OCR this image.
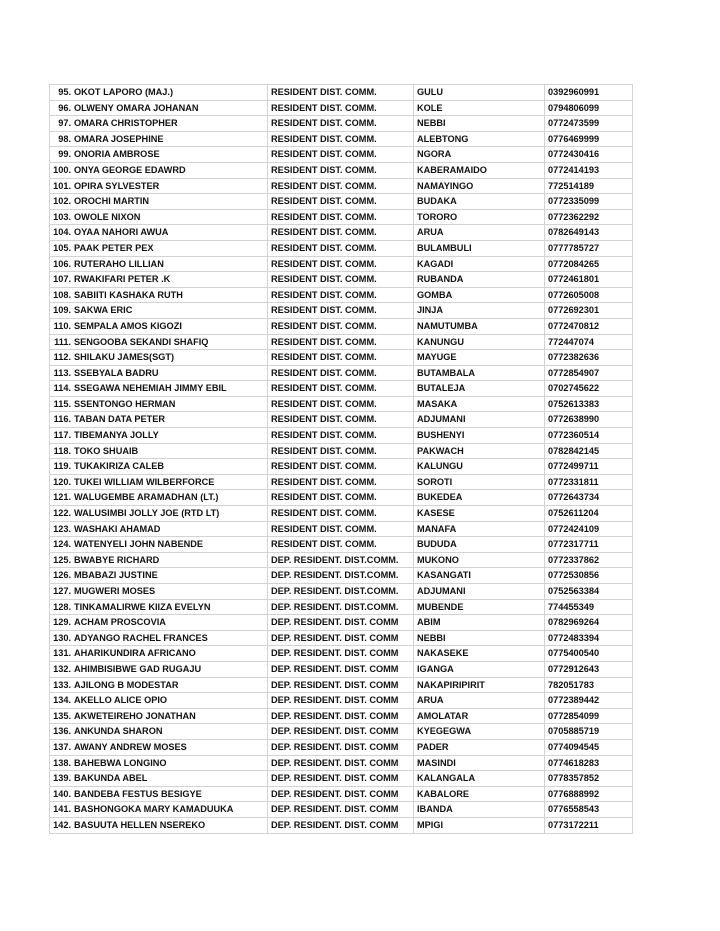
95. OKOT LAPORO (MAJ.)	RESIDENT DIST. COMM.	GULU	0392960991
96. OLWENY OMARA JOHANAN	RESIDENT DIST. COMM.	KOLE	0794806099
97. OMARA CHRISTOPHER	RESIDENT DIST. COMM.	NEBBI	0772473599
98. OMARA JOSEPHINE	RESIDENT DIST. COMM.	ALEBTONG	0776469999
99. ONORIA AMBROSE	RESIDENT DIST. COMM.	NGORA	0772430416
100. ONYA GEORGE EDAWRD	RESIDENT DIST. COMM.	KABERAMAIDO	0772414193
101. OPIRA SYLVESTER	RESIDENT DIST. COMM.	NAMAYINGO	772514189
102. OROCHI MARTIN	RESIDENT DIST. COMM.	BUDAKA	0772335099
103. OWOLE NIXON	RESIDENT DIST. COMM.	TORORO	0772362292
104. OYAA NAHORI AWUA	RESIDENT DIST. COMM.	ARUA	0782649143
105. PAAK PETER PEX	RESIDENT DIST. COMM.	BULAMBULI	0777785727
106. RUTERAHO LILLIAN	RESIDENT DIST. COMM.	KAGADI	0772084265
107. RWAKIFARI PETER .K	RESIDENT DIST. COMM.	RUBANDA	0772461801
108. SABIITI KASHAKA RUTH	RESIDENT DIST. COMM.	GOMBA	0772605008
109. SAKWA ERIC	RESIDENT DIST. COMM.	JINJA	0772692301
110. SEMPALA AMOS KIGOZI	RESIDENT DIST. COMM.	NAMUTUMBA	0772470812
111. SENGOOBA SEKANDI SHAFIQ	RESIDENT DIST. COMM.	KANUNGU	772447074
112. SHILAKU JAMES(SGT)	RESIDENT DIST. COMM.	MAYUGE	0772382636
113. SSEBYALA BADRU	RESIDENT DIST. COMM.	BUTAMBALA	0772854907
114. SSEGAWA NEHEMIAH JIMMY EBIL	RESIDENT DIST. COMM.	BUTALEJA	0702745622
115. SSENTONGO HERMAN	RESIDENT DIST. COMM.	MASAKA	0752613383
116. TABAN DATA PETER	RESIDENT DIST. COMM.	ADJUMANI	0772638990
117. TIBEMANYA JOLLY	RESIDENT DIST. COMM.	BUSHENYI	0772360514
118. TOKO SHUAIB	RESIDENT DIST. COMM.	PAKWACH	0782842145
119. TUKAKIRIZA CALEB	RESIDENT DIST. COMM.	KALUNGU	0772499711
120. TUKEI WILLIAM WILBERFORCE	RESIDENT DIST. COMM.	SOROTI	0772331811
121. WALUGEMBE ARAMADHAN (LT.)	RESIDENT DIST. COMM.	BUKEDEA	0772643734
122. WALUSIMBI JOLLY JOE (RTD LT)	RESIDENT DIST. COMM.	KASESE	0752611204
123. WASHAKI AHAMAD	RESIDENT DIST. COMM.	MANAFA	0772424109
124. WATENYELI JOHN NABENDE	RESIDENT DIST. COMM.	BUDUDA	0772317711
125. BWABYE RICHARD	DEP. RESIDENT. DIST.COMM.	MUKONO	0772337862
126. MBABAZI JUSTINE	DEP. RESIDENT. DIST.COMM.	KASANGATI	0772530856
127. MUGWERI MOSES	DEP. RESIDENT. DIST.COMM.	ADJUMANI	0752563384
128. TINKAMALIRWE KIIZA EVELYN	DEP. RESIDENT. DIST.COMM.	MUBENDE	774455349
129. ACHAM PROSCOVIA	DEP. RESIDENT. DIST. COMM	ABIM	0782969264
130. ADYANGO RACHEL FRANCES	DEP. RESIDENT. DIST. COMM	NEBBI	0772483394
131. AHARIKUNDIRA AFRICANO	DEP. RESIDENT. DIST. COMM	NAKASEKE	0775400540
132. AHIMBISIBWE GAD RUGAJU	DEP. RESIDENT. DIST. COMM	IGANGA	0772912643
133. AJILONG B MODESTAR	DEP. RESIDENT. DIST. COMM	NAKAPIRIPIRIT	782051783
134. AKELLO ALICE OPIO	DEP. RESIDENT. DIST. COMM	ARUA	0772389442
135. AKWETEIREHO JONATHAN	DEP. RESIDENT. DIST. COMM	AMOLATAR	0772854099
136. ANKUNDA SHARON	DEP. RESIDENT. DIST. COMM	KYEGEGWA	0705885719
137. AWANY ANDREW MOSES	DEP. RESIDENT. DIST. COMM	PADER	0774094545
138. BAHEBWA LONGINO	DEP. RESIDENT. DIST. COMM	MASINDI	0774618283
139. BAKUNDA ABEL	DEP. RESIDENT. DIST. COMM	KALANGALA	0778357852
140. BANDEBA FESTUS BESIGYE	DEP. RESIDENT. DIST. COMM	KABALORE	0776888992
141. BASHONGOKA MARY KAMADUUKA	DEP. RESIDENT. DIST. COMM	IBANDA	0776558543
142. BASUUTA HELLEN NSEREKO	DEP. RESIDENT. DIST. COMM	MPIGI	0773172211
